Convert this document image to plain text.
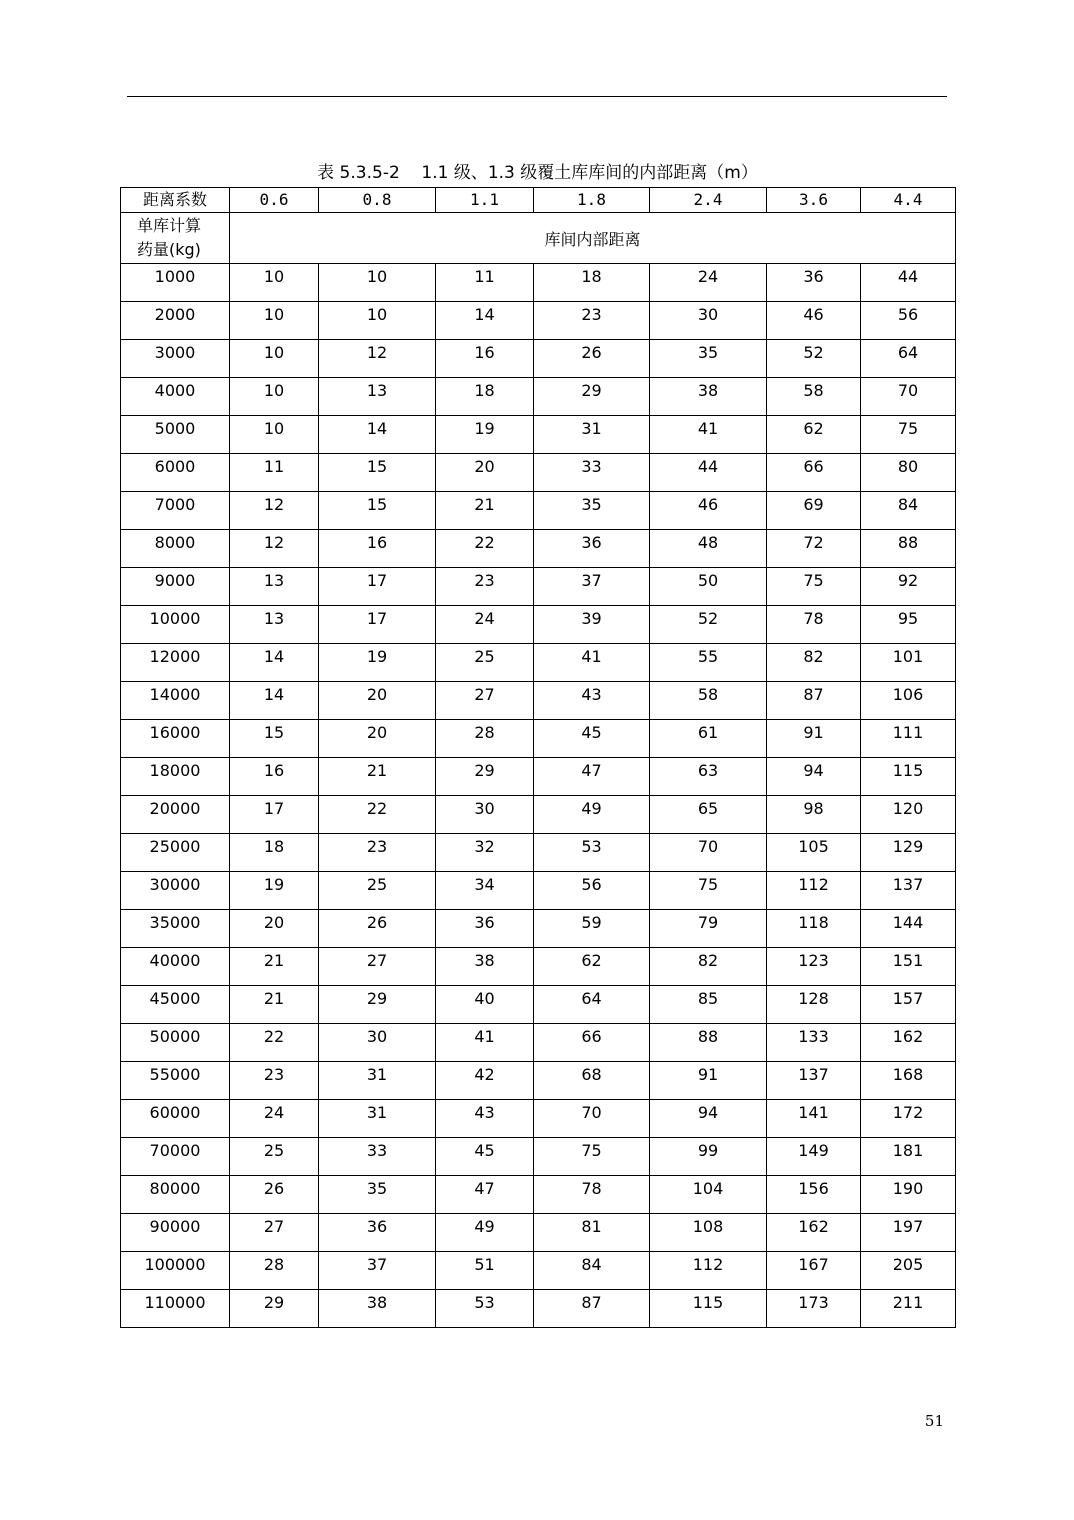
表 5.3.5-2    1.1 级、1.3 级覆土库库间的内部距离（m）
距离系数	0.6	0.8	1.1	1.8	2.4	3.6	4.4
单库计算
药量(kg)	库间内部距离						
1000	10	10	11	18	24	36	44
2000	10	10	14	23	30	46	56
3000	10	12	16	26	35	52	64
4000	10	13	18	29	38	58	70
5000	10	14	19	31	41	62	75
6000	11	15	20	33	44	66	80
7000	12	15	21	35	46	69	84
8000	12	16	22	36	48	72	88
9000	13	17	23	37	50	75	92
10000	13	17	24	39	52	78	95
12000	14	19	25	41	55	82	101
14000	14	20	27	43	58	87	106
16000	15	20	28	45	61	91	111
18000	16	21	29	47	63	94	115
20000	17	22	30	49	65	98	120
25000	18	23	32	53	70	105	129
30000	19	25	34	56	75	112	137
35000	20	26	36	59	79	118	144
40000	21	27	38	62	82	123	151
45000	21	29	40	64	85	128	157
50000	22	30	41	66	88	133	162
55000	23	31	42	68	91	137	168
60000	24	31	43	70	94	141	172
70000	25	33	45	75	99	149	181
80000	26	35	47	78	104	156	190
90000	27	36	49	81	108	162	197
100000	28	37	51	84	112	167	205
110000	29	38	53	87	115	173	211
51
